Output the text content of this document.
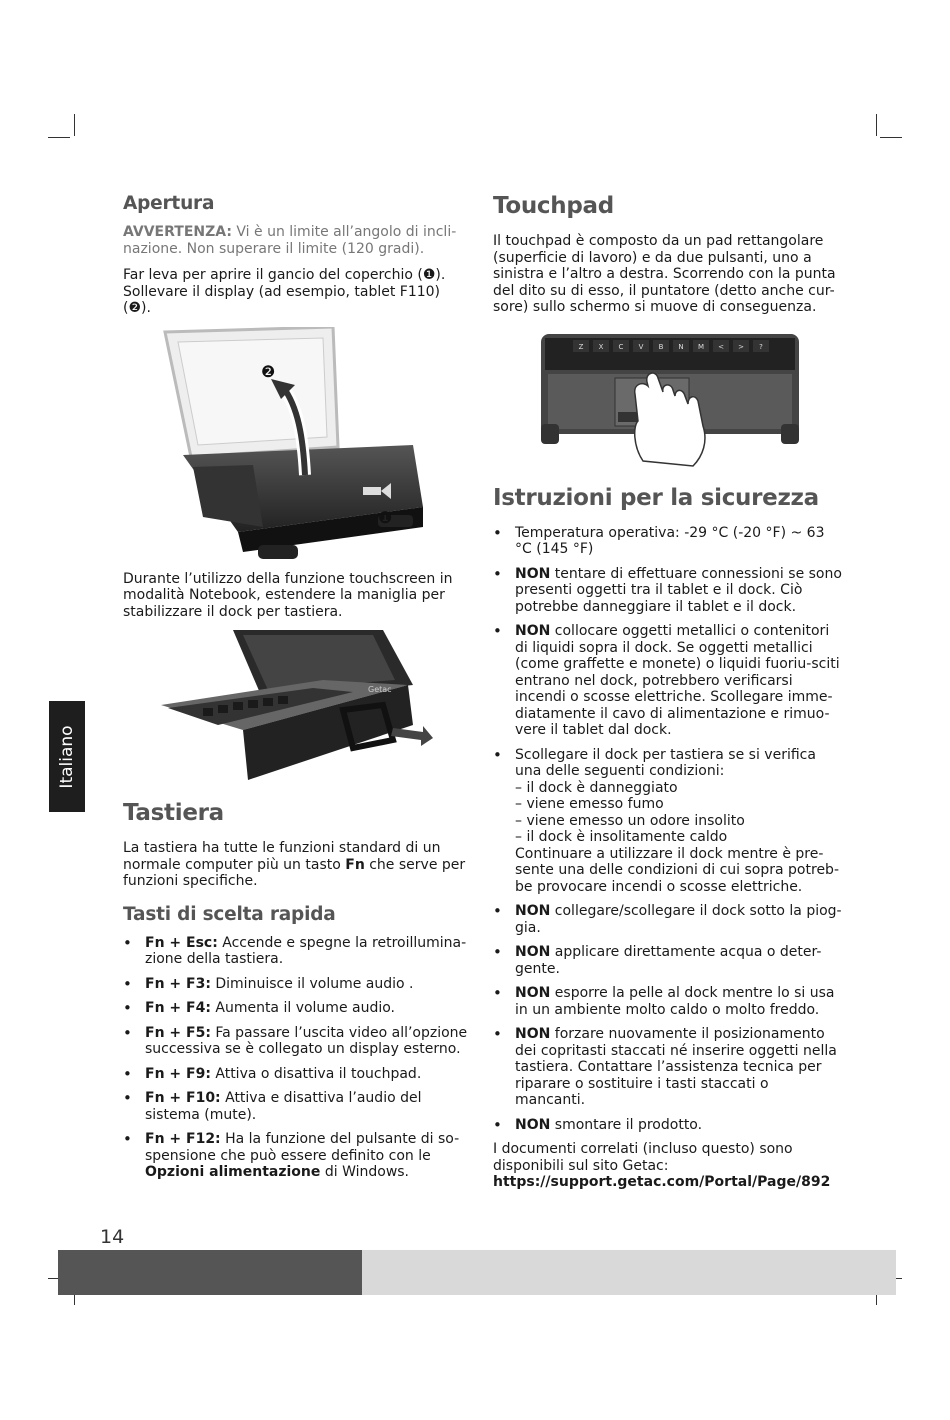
Italiano
Apertura

AVVERTENZA: Vi è un limite all’angolo di incli-nazione. Non superare il limite (120 gradi).

Far leva per aprire il gancio del coperchio (❶). Sollevare il display (ad esempio, tablet F110) (❷).

❷
❶

Durante l’utilizzo della funzione touchscreen in modalità Notebook, estendere la maniglia per stabilizzare il dock per tastiera.

Getac
Tastiera

La tastiera ha tutte le funzioni standard di un normale computer più un tasto Fn che serve per funzioni specifiche.

Tasti di scelta rapida
• Fn + Esc: Accende e spegne la retroillumina-zione della tastiera.
• Fn + F3: Diminuisce il volume audio .
• Fn + F4: Aumenta il volume audio.
• Fn + F5: Fa passare l’uscita video all’opzione successiva se è collegato un display esterno.
• Fn + F9: Attiva o disattiva il touchpad.
• Fn + F10: Attiva e disattiva l’audio del sistema (mute).
• Fn + F12: Ha la funzione del pulsante di so-spensione che può essere definito con le Opzioni alimentazione di Windows.
Touchpad

Il touchpad è composto da un pad rettangolare (superficie di lavoro) e da due pulsanti, uno a sinistra e l’altro a destra. Scorrendo con la punta del dito su di esso, il puntatore (detto anche cur-sore) sullo schermo si muove di conseguenza.

Z X C V B N M < > ?
Istruzioni per la sicurezza
• Temperatura operativa: -29 °C (-20 °F) ~ 63 °C (145 °F)
• NON tentare di effettuare connessioni se sono presenti oggetti tra il tablet e il dock. Ciò potrebbe danneggiare il tablet e il dock.
• NON collocare oggetti metallici o contenitori di liquidi sopra il dock. Se oggetti metallici (come graffette e monete) o liquidi fuoriu-sciti entrano nel dock, potrebbero verificarsi incendi o scosse elettriche. Scollegare imme-diatamente il cavo di alimentazione e rimuo-vere il tablet dal dock.
• Scollegare il dock per tastiera se si verifica una delle seguenti condizioni:
– il dock è danneggiato
– viene emesso fumo
– viene emesso un odore insolito
– il dock è insolitamente caldo
Continuare a utilizzare il dock mentre è pre-sente una delle condizioni di cui sopra potreb-be provocare incendi o scosse elettriche.
• NON collegare/scollegare il dock sotto la piog-gia.
• NON applicare direttamente acqua o deter-gente.
• NON esporre la pelle al dock mentre lo si usa in un ambiente molto caldo o molto freddo.
• NON forzare nuovamente il posizionamento dei copritasti staccati né inserire oggetti nella tastiera. Contattare l’assistenza tecnica per riparare o sostituire i tasti staccati o mancanti.
• NON smontare il prodotto.

I documenti correlati (incluso questo) sono disponibili sul sito Getac:
https://support.getac.com/Portal/Page/892

14
